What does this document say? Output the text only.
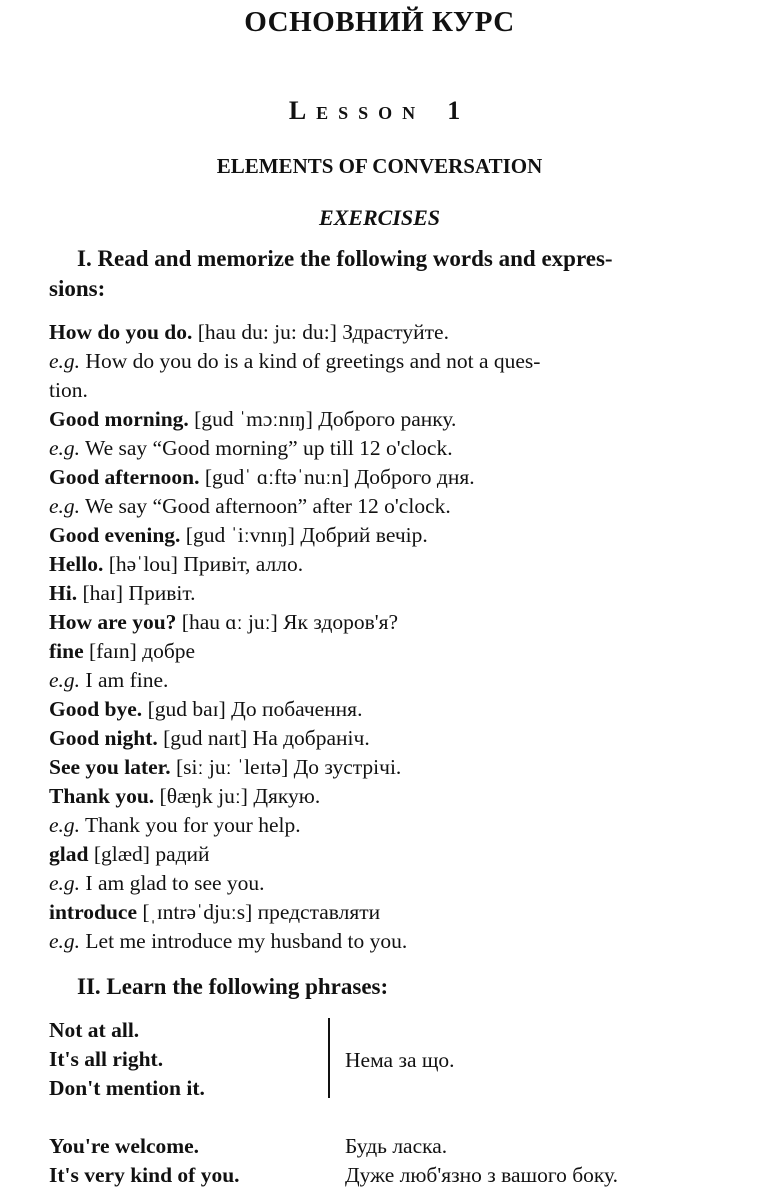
ОСНОВНИЙ КУРС
Lesson 1
ELEMENTS OF CONVERSATION
EXERCISES
I. Read and memorize the following words and expres-
sions:
How do you do. [hau du: ju: du:] Здрастуйте.
e.g. How do you do is a kind of greetings and not a ques-
tion.
Good morning. [gud ˈmɔːnɪŋ] Доброго ранку.
e.g. We say “Good morning” up till 12 o'clock.
Good afternoon. [gudˈ ɑːftəˈnuːn] Доброго дня.
e.g. We say “Good afternoon” after 12 o'clock.
Good evening. [gud ˈiːvnɪŋ] Добрий вечір.
Hello. [həˈlou] Привіт, алло.
Hi. [haɪ] Привіт.
How are you? [hau ɑː juː] Як здоров'я?
fine [faɪn] добре
e.g. I am fine.
Good bye. [gud baɪ] До побачення.
Good night. [gud naɪt] На добраніч.
See you later. [siː juː ˈleɪtə] До зустрічі.
Thank you. [θæŋk juː] Дякую.
e.g. Thank you for your help.
glad [glæd] радий
e.g. I am glad to see you.
introduce [ˌɪntrəˈdjuːs] представляти
e.g. Let me introduce my husband to you.
II. Learn the following phrases:
Not at all.
It's all right.
Don't mention it.
Нема за що.
You're welcome.	Будь ласка.
It's very kind of you.	Дуже люб'язно з вашого боку.
